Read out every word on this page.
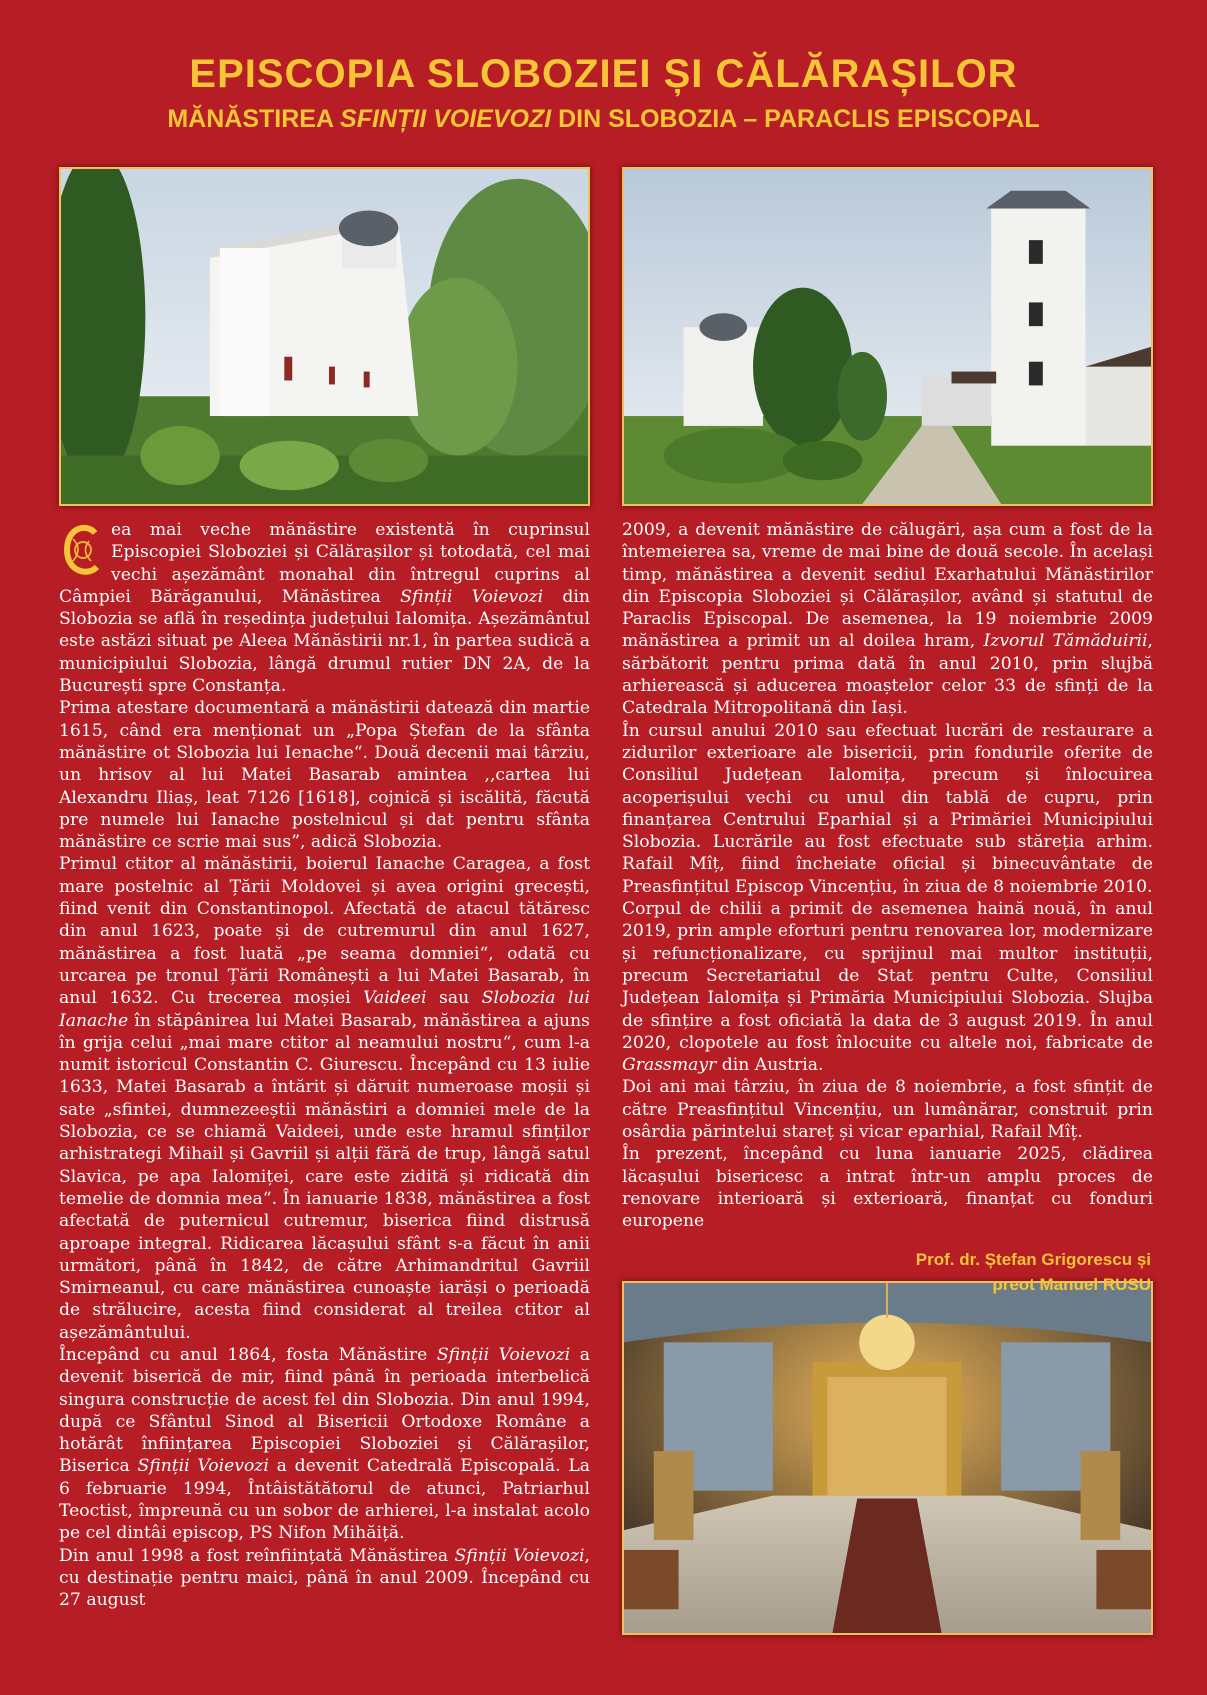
EPISCOPIA SLOBOZIEI ȘI CĂLĂRAȘILOR
MĂNĂSTIREA SFINȚII VOIEVOZI DIN SLOBOZIA – PARACLIS EPISCOPAL

ea mai veche mănăstire existentă în cuprinsul Episcopiei Sloboziei și Călărașilor și totodată, cel mai vechi așezământ monahal din întregul cuprins al Câmpiei Bărăganului, Mănăstirea Sfinții Voievozi din Slobozia se află în reședința județului Ialomița. Așezământul este astăzi situat pe Aleea Mănăstirii nr.1, în partea sudică a municipiului Slobozia, lângă drumul rutier DN 2A, de la București spre Constanța.

Prima atestare documentară a mănăstirii datează din martie 1615, când era menționat un „Popa Ștefan de la sfânta mănăstire ot Slobozia lui Ienache“. Două decenii mai târziu, un hrisov al lui Matei Basarab amintea ,,cartea lui Alexandru Iliaș, leat 7126 [1618], cojnică și iscălită, făcută pre numele lui Ianache postelnicul și dat pentru sfânta mănăstire ce scrie mai sus”, adică Slobozia.

Primul ctitor al mănăstirii, boierul Ianache Caragea, a fost mare postelnic al Țării Moldovei și avea origini grecești, fiind venit din Constantinopol. Afectată de atacul tătăresc din anul 1623, poate și de cutremurul din anul 1627, mănăstirea a fost luată „pe seama domniei“, odată cu urcarea pe tronul Țării Românești a lui Matei Basarab, în anul 1632. Cu trecerea moșiei Vaideei sau Slobozia lui Ianache în stăpânirea lui Matei Basarab, mănăstirea a ajuns în grija celui „mai mare ctitor al neamului nostru“, cum l-a numit istoricul Constantin C. Giurescu. Începând cu 13 iulie 1633, Matei Basarab a întărit și dăruit numeroase moșii și sate „sfintei, dumnezeeștii mănăstiri a domniei mele de la Slobozia, ce se chiamă Vaideei, unde este hramul sfinților arhistrategi Mihail și Gavriil și alții fără de trup, lângă satul Slavica, pe apa Ialomiței, care este zidită și ridicată din temelie de domnia mea“. În ianuarie 1838, mănăstirea a fost afectată de puternicul cutremur, biserica fiind distrusă aproape integral. Ridicarea lăcașului sfânt s-a făcut în anii următori, până în 1842, de către Arhimandritul Gavriil Smirneanul, cu care mănăstirea cunoaște iarăși o perioadă de strălucire, acesta fiind considerat al treilea ctitor al așezământului.

Începând cu anul 1864, fosta Mănăstire Sfinții Voievozi a devenit biserică de mir, fiind până în perioada interbelică singura construcție de acest fel din Slobozia. Din anul 1994, după ce Sfântul Sinod al Bisericii Ortodoxe Române a hotărât înființarea Episcopiei Sloboziei și Călărașilor, Biserica Sfinții Voievozi a devenit Catedrală Episcopală. La 6 februarie 1994, Întâistătătorul de atunci, Patriarhul Teoctist, împreună cu un sobor de arhierei, l-a instalat acolo pe cel dintâi episcop, PS Nifon Mihăiță.

Din anul 1998 a fost reînființată Mănăstirea Sfinții Voievozi, cu destinație pentru maici, până în anul 2009. Începând cu 27 august

2009, a devenit mănăstire de călugări, așa cum a fost de la întemeierea sa, vreme de mai bine de două secole. În același timp, mănăstirea a devenit sediul Exarhatului Mănăstirilor din Episcopia Sloboziei și Călărașilor, având și statutul de Paraclis Episcopal. De asemenea, la 19 noiembrie 2009 mănăstirea a primit un al doilea hram, Izvorul Tămăduirii, sărbătorit pentru prima dată în anul 2010, prin slujbă arhierească și aducerea moaștelor celor 33 de sfinți de la Catedrala Mitropolitană din Iași.

În cursul anului 2010 sau efectuat lucrări de restaurare a zidurilor exterioare ale bisericii, prin fondurile oferite de Consiliul Județean Ialomița, precum și înlocuirea acoperișului vechi cu unul din tablă de cupru, prin finanțarea Centrului Eparhial și a Primăriei Municipiului Slobozia. Lucrările au fost efectuate sub stăreția arhim. Rafail Mîț, fiind încheiate oficial și binecuvântate de Preasfințitul Episcop Vincențiu, în ziua de 8 noiembrie 2010.

Corpul de chilii a primit de asemenea haină nouă, în anul 2019, prin ample eforturi pentru renovarea lor, modernizare și refuncționalizare, cu sprijinul mai multor instituții, precum Secretariatul de Stat pentru Culte, Consiliul Județean Ialomița și Primăria Municipiului Slobozia. Slujba de sfințire a fost oficiată la data de 3 august 2019. În anul 2020, clopotele au fost înlocuite cu altele noi, fabricate de Grassmayr din Austria.

Doi ani mai târziu, în ziua de 8 noiembrie, a fost sfințit de către Preasfințitul Vincențiu, un lumânărar, construit prin osârdia părintelui stareț și vicar eparhial, Rafail Mîț.

În prezent, începând cu luna ianuarie 2025, clădirea lăcașului bisericesc a intrat într-un amplu proces de renovare interioară și exterioară, finanțat cu fonduri europene

Prof. dr. Ștefan Grigorescu și
preot Manuel RUSU
